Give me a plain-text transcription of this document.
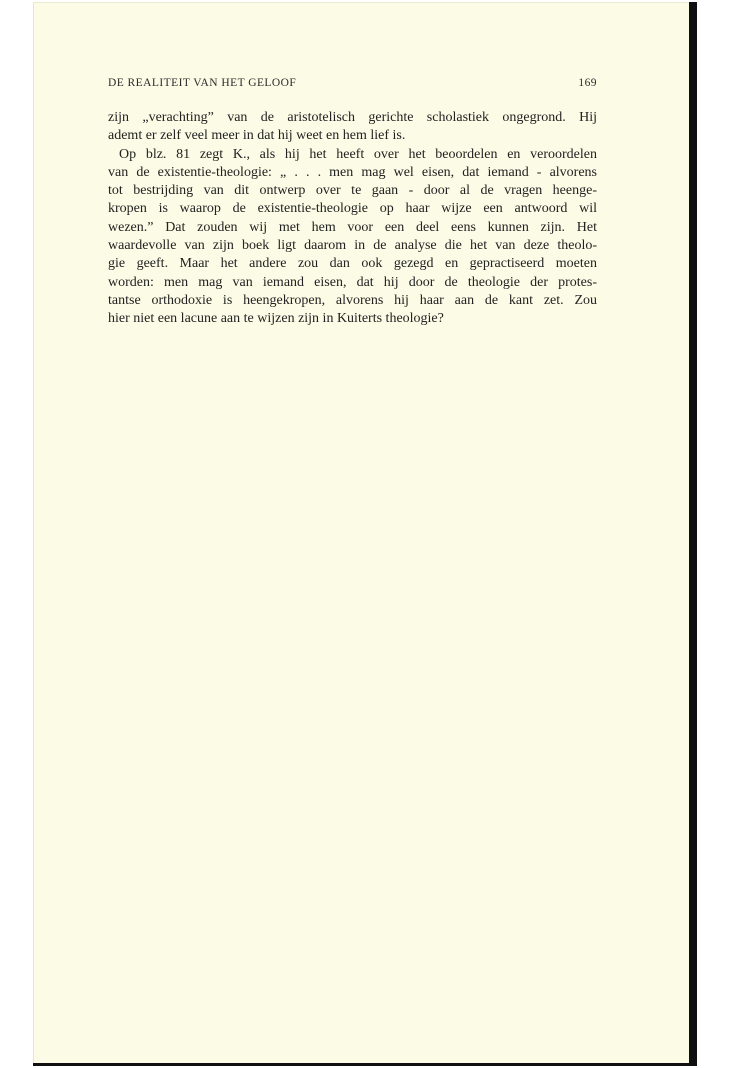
DE REALITEIT VAN HET GELOOF	169
zijn „verachting” van de aristotelisch gerichte scholastiek ongegrond. Hij
ademt er zelf veel meer in dat hij weet en hem lief is.
Op blz. 81 zegt K., als hij het heeft over het beoordelen en veroordelen
van de existentie-theologie: „ . . . men mag wel eisen, dat iemand - alvorens
tot bestrijding van dit ontwerp over te gaan - door al de vragen heenge-
kropen is waarop de existentie-theologie op haar wijze een antwoord wil
wezen.” Dat zouden wij met hem voor een deel eens kunnen zijn. Het
waardevolle van zijn boek ligt daarom in de analyse die het van deze theolo-
gie geeft. Maar het andere zou dan ook gezegd en gepractiseerd moeten
worden: men mag van iemand eisen, dat hij door de theologie der protes-
tantse orthodoxie is heengekropen, alvorens hij haar aan de kant zet. Zou
hier niet een lacune aan te wijzen zijn in Kuiterts theologie?
